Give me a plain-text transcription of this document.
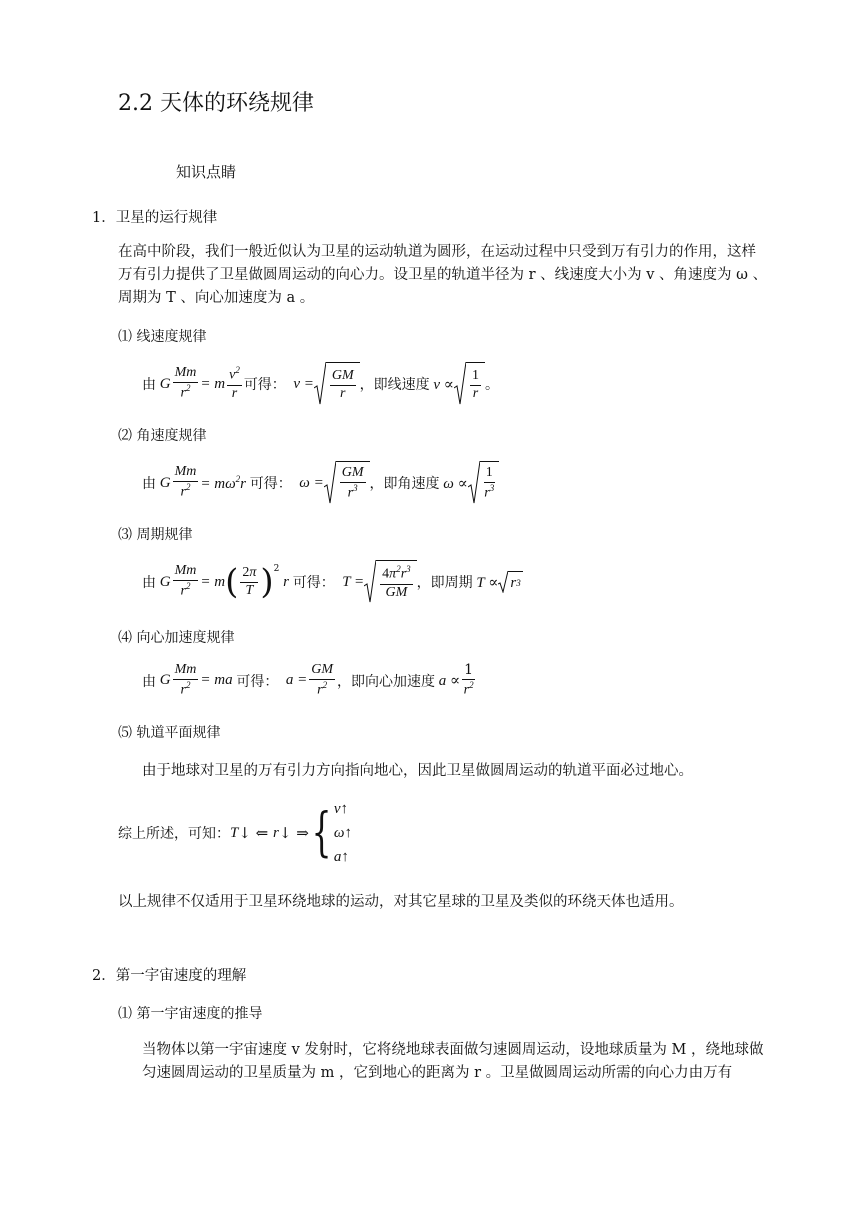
2.2 天体的环绕规律
知识点睛
1．卫星的运行规律
在高中阶段，我们一般近似认为卫星的运动轨道为圆形，在运动过程中只受到万有引力的作用，这样万有引力提供了卫星做圆周运动的向心力。设卫星的轨道半径为 r 、线速度大小为 v 、角速度为 ω 、周期为 T 、向心加速度为 a 。
⑴ 线速度规律
由 G $\frac{Mm}{r^2} = m \frac{v^2}{r}$ 可得： $v = \frac{GM}{r}$ ，即线速度 $v \propto \frac{1}{r}$ 。
⑵ 角速度规律
由 G $\frac{Mm}{r^2} = m\omega^2r$ 可得： $\omega = \frac{GM}{r^3}$ ，即角速度 $\omega \propto \frac{1}{r^3}$
⑶ 周期规律
由 G $\frac{Mm}{r^2} = m$ ( $\frac{2\pi}{T} )^2$
r 可得： $T = \frac{4\pi^2r^3}{GM}$ ，即周期 T ∝ r 3
⑷ 向心加速度规律
由 G $\frac{Mm}{r^2}$ = ma 可得： $a = \frac{GM}{r^2}$ ，即向心加速度 $a \propto \frac{1}{r^2}$
⑸ 轨道平面规律
由于地球对卫星的万有引力方向指向地心，因此卫星做圆周运动的轨道平面必过地心。
综上所述，可知： T ↓ ⇐ r ↓ ⇒ { v↑
ω↑
a↑
以上规律不仅适用于卫星环绕地球的运动，对其它星球的卫星及类似的环绕天体也适用。
2．第一宇宙速度的理解
⑴ 第一宇宙速度的推导
当物体以第一宇宙速度 v 发射时，它将绕地球表面做匀速圆周运动，设地球质量为 M ，绕地球做匀速圆周运动的卫星质量为 m ，它到地心的距离为 r 。卫星做圆周运动所需的向心力由万有
